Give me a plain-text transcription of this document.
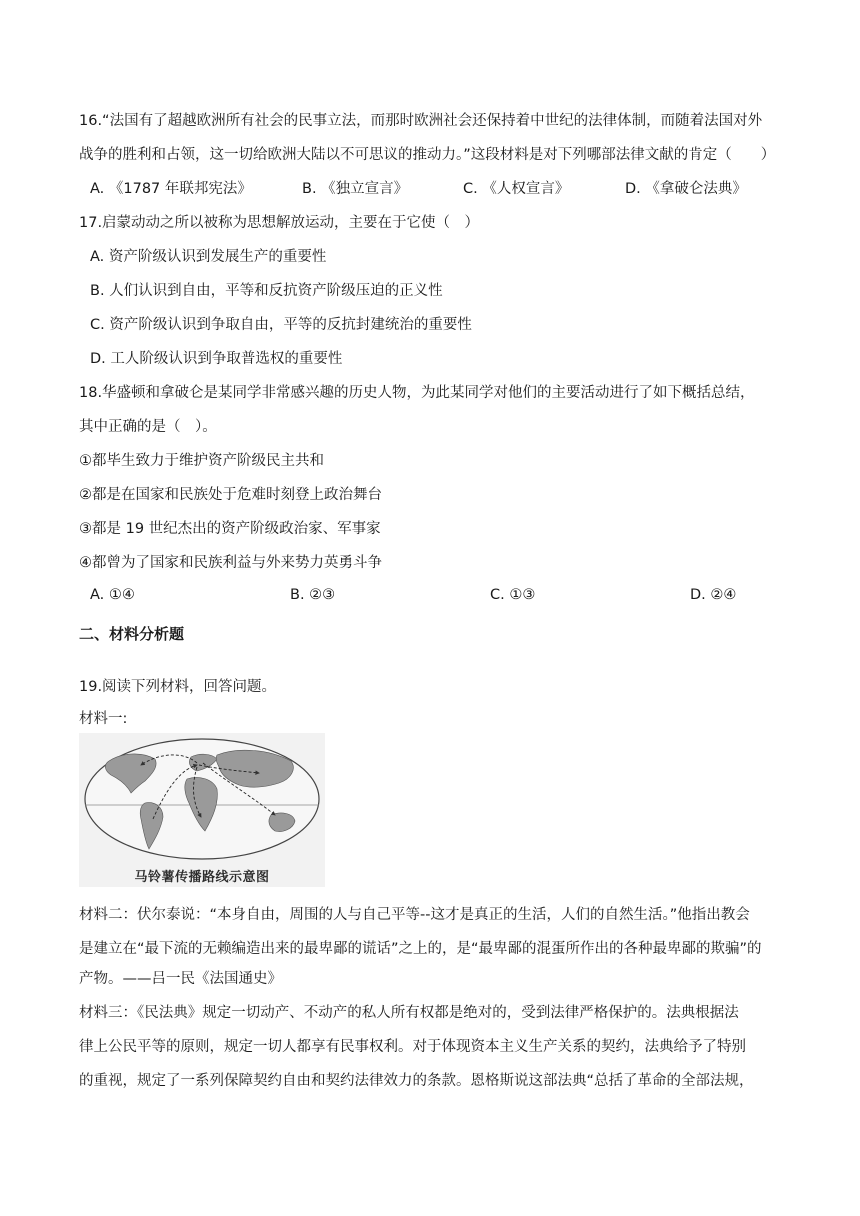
16.“法国有了超越欧洲所有社会的民事立法，而那时欧洲社会还保持着中世纪的法律体制，而随着法国对外
战争的胜利和占领，这一切给欧洲大陆以不可思议的推动力。”这段材料是对下列哪部法律文献的肯定（　　）
A. 《1787 年联邦宪法》	B. 《独立宣言》	C. 《人权宣言》	D. 《拿破仑法典》
17.启蒙动动之所以被称为思想解放运动，主要在于它使（　）
A. 资产阶级认识到发展生产的重要性
B. 人们认识到自由，平等和反抗资产阶级压迫的正义性
C. 资产阶级认识到争取自由，平等的反抗封建统治的重要性
D. 工人阶级认识到争取普选权的重要性
18.华盛顿和拿破仑是某同学非常感兴趣的历史人物，为此某同学对他们的主要活动进行了如下概括总结，
其中正确的是（　）。
①都毕生致力于维护资产阶级民主共和
②都是在国家和民族处于危难时刻登上政治舞台
③都是 19 世纪杰出的资产阶级政治家、军事家
④都曾为了国家和民族利益与外来势力英勇斗争
A. ①④	B. ②③	C. ①③	D. ②④
二、材料分析题
19.阅读下列材料，回答问题。
材料一:
马铃薯传播路线示意图
材料二：伏尔泰说：“本身自由，周围的人与自己平等--这才是真正的生活，人们的自然生活。”他指出教会
是建立在“最下流的无赖编造出来的最卑鄙的谎话”之上的，是“最卑鄙的混蛋所作出的各种最卑鄙的欺骗”的
产物。——吕一民《法国通史》
材料三：《民法典》规定一切动产、不动产的私人所有权都是绝对的，受到法律严格保护的。法典根据法
律上公民平等的原则，规定一切人都享有民事权利。对于体现资本主义生产关系的契约，法典给予了特别
的重视，规定了一系列保障契约自由和契约法律效力的条款。恩格斯说这部法典“总括了革命的全部法规，
